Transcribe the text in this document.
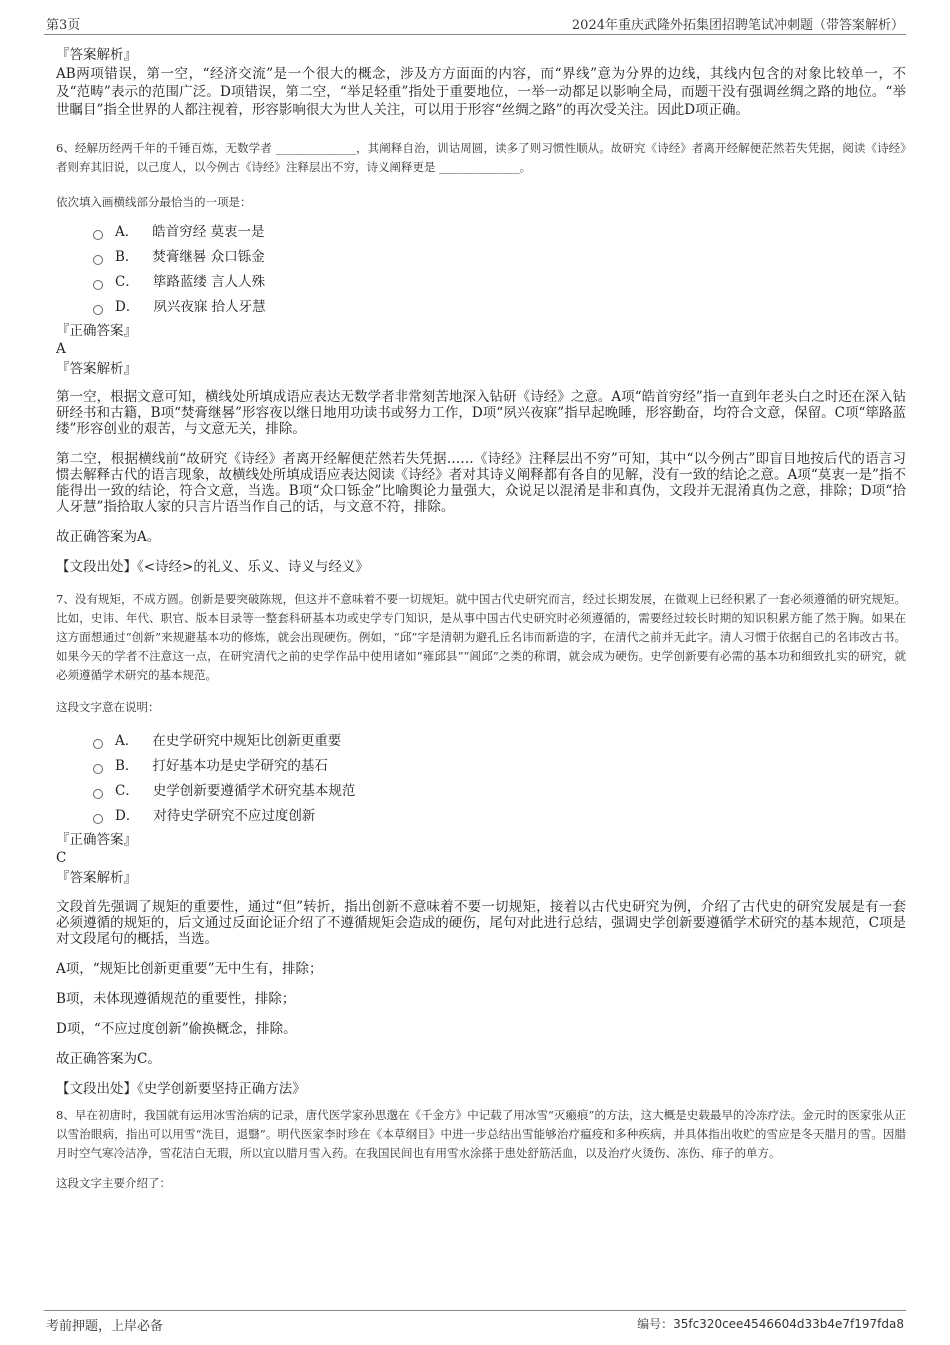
第3页	2024年重庆武隆外拓集团招聘笔试冲刺题（带答案解析）

『答案解析』

AB两项错误，第一空，“经济交流”是一个很大的概念，涉及方方面面的内容，而“界线”意为分界的边线，其线内包含的对象比较单一，不及“范畴”表示的范围广泛。D项错误，第二空，“举足轻重”指处于重要地位，一举一动都足以影响全局，而题干没有强调丝绸之路的地位。“举世瞩目”指全世界的人都注视着，形容影响很大为世人关注，可以用于形容“丝绸之路”的再次受关注。因此D项正确。

6、经解历经两千年的千锤百炼，无数学者 ______________，其阐释自治，训诂周圆，读多了则习惯性顺从。故研究《诗经》者离开经解便茫然若失凭据，阅读《诗经》者则弃其旧说，以己度人，以今例古《诗经》注释层出不穷，诗义阐释更是 ______________。

依次填入画横线部分最恰当的一项是：

A． 皓首穷经 莫衷一是
B． 焚膏继晷 众口铄金
C． 筚路蓝缕 言人人殊
D． 夙兴夜寐 拾人牙慧

『正确答案』

A

『答案解析』

第一空，根据文意可知，横线处所填成语应表达无数学者非常刻苦地深入钻研《诗经》之意。A项“皓首穷经”指一直到年老头白之时还在深入钻研经书和古籍，B项“焚膏继晷”形容夜以继日地用功读书或努力工作，D项“夙兴夜寐”指早起晚睡，形容勤奋，均符合文意，保留。C项“筚路蓝缕”形容创业的艰苦，与文意无关，排除。

第二空，根据横线前“故研究《诗经》者离开经解便茫然若失凭据……《诗经》注释层出不穷”可知，其中“以今例古”即盲目地按后代的语言习惯去解释古代的语言现象，故横线处所填成语应表达阅读《诗经》者对其诗义阐释都有各自的见解，没有一致的结论之意。A项“莫衷一是”指不能得出一致的结论，符合文意，当选。B项“众口铄金”比喻舆论力量强大，众说足以混淆是非和真伪，文段并无混淆真伪之意，排除；D项“拾人牙慧”指拾取人家的只言片语当作自己的话，与文意不符，排除。

故正确答案为A。

【文段出处】《<诗经>的礼义、乐义、诗义与经义》

7、没有规矩，不成方圆。创新是要突破陈规，但这并不意味着不要一切规矩。就中国古代史研究而言，经过长期发展，在微观上已经积累了一套必须遵循的研究规矩。比如，史讳、年代、职官、版本目录等一整套科研基本功或史学专门知识，是从事中国古代史研究时必须遵循的，需要经过较长时期的知识积累方能了然于胸。如果在这方面想通过“创新”来规避基本功的修炼，就会出现硬伤。例如，“邱”字是清朝为避孔丘名讳而新造的字，在清代之前并无此字。清人习惯于依据自己的名讳改古书。如果今天的学者不注意这一点，在研究清代之前的史学作品中使用诸如“雍邱县”“阊邱”之类的称谓，就会成为硬伤。史学创新要有必需的基本功和细致扎实的研究，就必须遵循学术研究的基本规范。

这段文字意在说明：

A． 在史学研究中规矩比创新更重要
B． 打好基本功是史学研究的基石
C． 史学创新要遵循学术研究基本规范
D． 对待史学研究不应过度创新

『正确答案』

C

『答案解析』

文段首先强调了规矩的重要性，通过“但”转折，指出创新不意味着不要一切规矩，接着以古代史研究为例，介绍了古代史的研究发展是有一套必须遵循的规矩的，后文通过反面论证介绍了不遵循规矩会造成的硬伤，尾句对此进行总结，强调史学创新要遵循学术研究的基本规范，C项是对文段尾句的概括，当选。

A项，“规矩比创新更重要”无中生有，排除；

B项，未体现遵循规范的重要性，排除；

D项，“不应过度创新”偷换概念，排除。

故正确答案为C。

【文段出处】《史学创新要坚持正确方法》

8、早在初唐时，我国就有运用冰雪治病的记录，唐代医学家孙思邈在《千金方》中记载了用冰雪“灭瘢痕”的方法，这大概是史载最早的冷冻疗法。金元时的医家张从正以雪治眼病，指出可以用雪“洗目，退翳”。明代医家李时珍在《本草纲目》中进一步总结出雪能够治疗瘟疫和多种疾病，并具体指出收贮的雪应是冬天腊月的雪。因腊月时空气寒冷洁净，雪花洁白无瑕，所以宜以腊月雪入药。在我国民间也有用雪水涂搽于患处舒筋活血，以及治疗火烫伤、冻伤、痱子的单方。

这段文字主要介绍了：

考前押题，上岸必备	编号：35fc320cee4546604d33b4e7f197fda8
